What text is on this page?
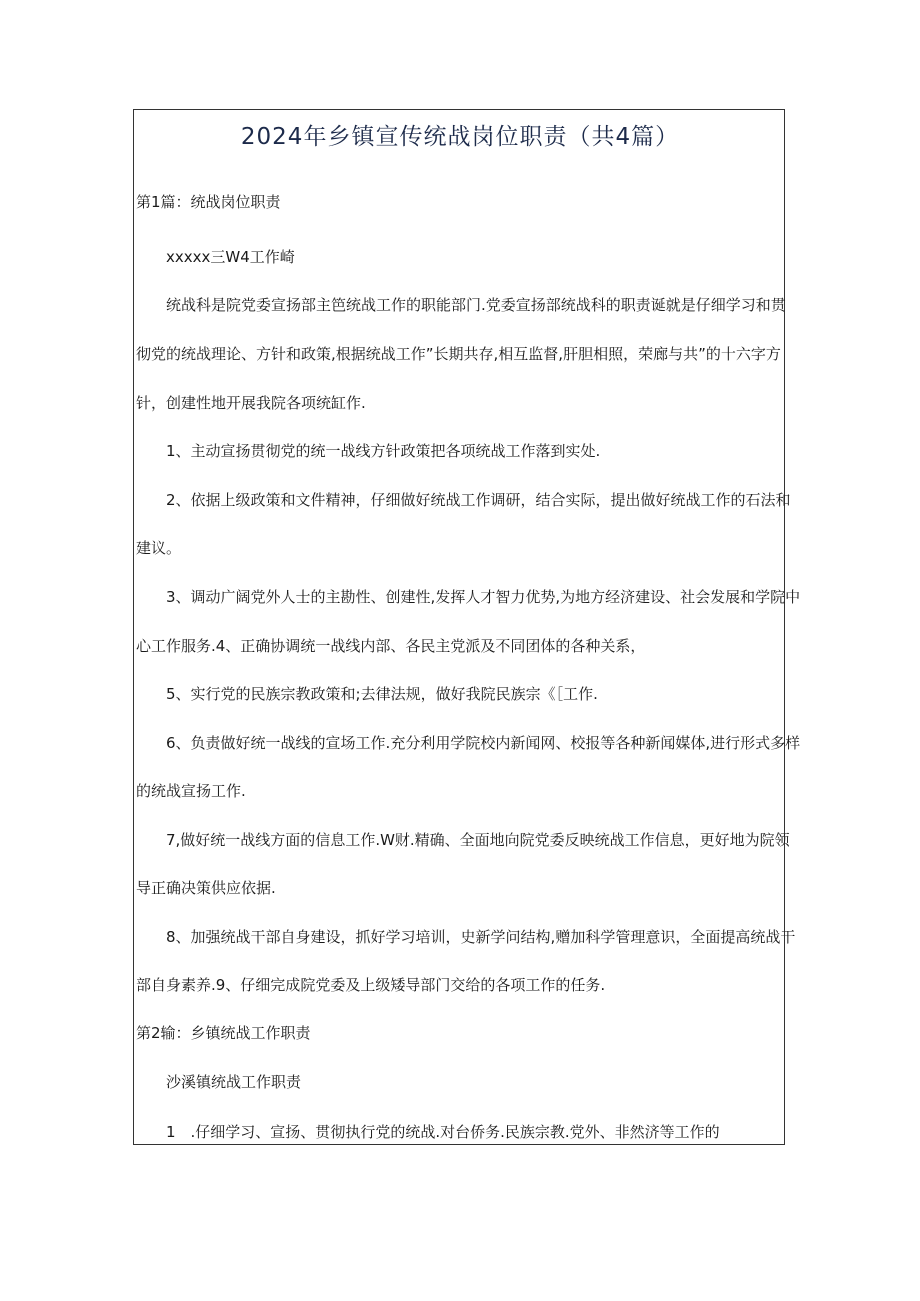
2024年乡镇宣传统战岗位职责（共4篇）

第1篇：统战岗位职责

xxxxx三W4工作崎

统战科是院党委宣扬部主笆统战工作的职能部门.党委宣扬部统战科的职责诞就是仔细学习和贯

彻党的统战理论、方针和政策,根据统战工作”长期共存,相互监督,肝胆相照，荣廊与共”的十六字方

针，创建性地开展我院各项统缸作.

1、主动宣扬贯彻党的统一战线方针政策把各项统战工作落到实处.

2、依据上级政策和文件精神，仔细做好统战工作调研，结合实际，提出做好统战工作的石法和

建议。

3、调动广阔党外人士的主勘性、创建性,发挥人才智力优势,为地方经济建设、社会发展和学院中

心工作服务.4、正确协调统一战线内部、各民主党派及不同团体的各种关系，

5、实行党的民族宗教政策和;去律法规，做好我院民族宗《［工作.

6、负责做好统一战线的宣场工作.充分利用学院校内新闻网、校报等各种新闻媒体,进行形式多样

的统战宣扬工作.

7,做好统一战线方面的信息工作.W财.精确、全面地向院党委反映统战工作信息，更好地为院领

导正确决策供应依据.

8、加强统战干部自身建设，抓好学习培训，史新学问结构,赠加科学管理意识，全面提高统战干

部自身素养.9、仔细完成院党委及上级矮导部门交给的各项工作的任务.

第2输：乡镇统战工作职责

沙溪镇统战工作职责

1　.仔细学习、宣扬、贯彻执行党的统战.对台侨务.民族宗教.党外、非然济等工作的
